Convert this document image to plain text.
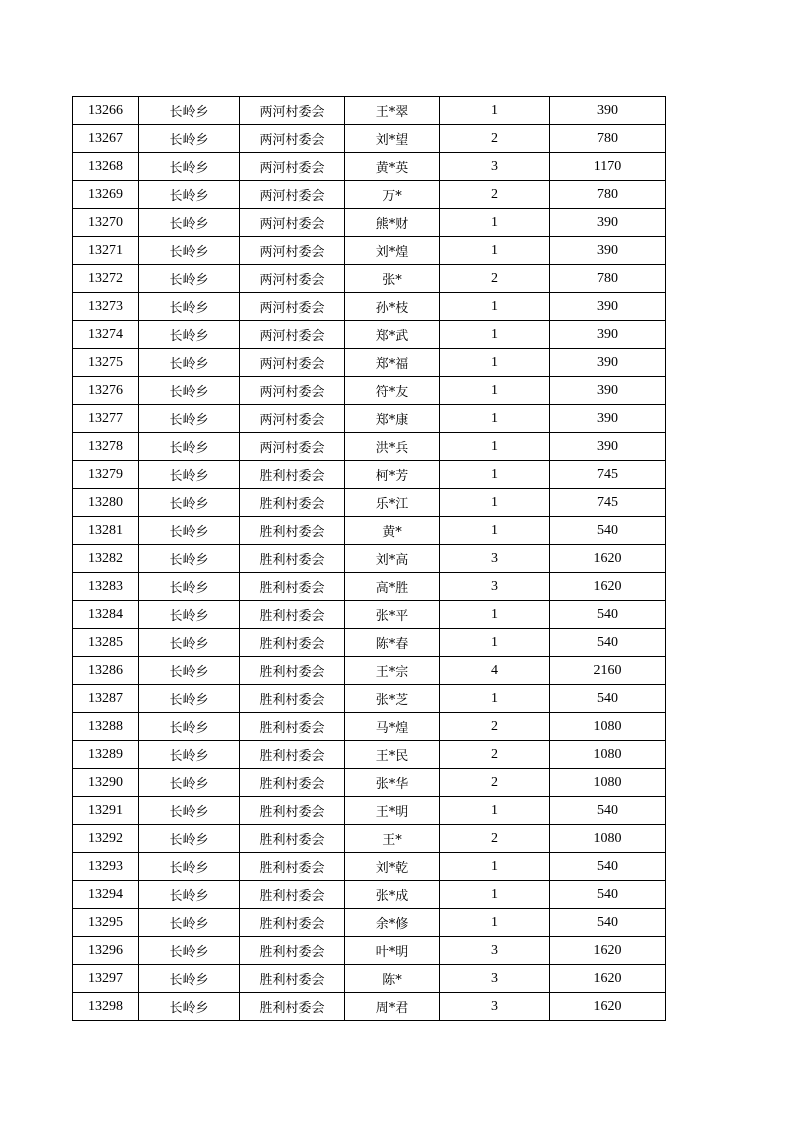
13266	长岭乡	两河村委会	王*翠	1	390
13267	长岭乡	两河村委会	刘*望	2	780
13268	长岭乡	两河村委会	黄*英	3	1170
13269	长岭乡	两河村委会	万*	2	780
13270	长岭乡	两河村委会	熊*财	1	390
13271	长岭乡	两河村委会	刘*煌	1	390
13272	长岭乡	两河村委会	张*	2	780
13273	长岭乡	两河村委会	孙*枝	1	390
13274	长岭乡	两河村委会	郑*武	1	390
13275	长岭乡	两河村委会	郑*福	1	390
13276	长岭乡	两河村委会	符*友	1	390
13277	长岭乡	两河村委会	郑*康	1	390
13278	长岭乡	两河村委会	洪*兵	1	390
13279	长岭乡	胜利村委会	柯*芳	1	745
13280	长岭乡	胜利村委会	乐*江	1	745
13281	长岭乡	胜利村委会	黄*	1	540
13282	长岭乡	胜利村委会	刘*高	3	1620
13283	长岭乡	胜利村委会	高*胜	3	1620
13284	长岭乡	胜利村委会	张*平	1	540
13285	长岭乡	胜利村委会	陈*春	1	540
13286	长岭乡	胜利村委会	王*宗	4	2160
13287	长岭乡	胜利村委会	张*芝	1	540
13288	长岭乡	胜利村委会	马*煌	2	1080
13289	长岭乡	胜利村委会	王*民	2	1080
13290	长岭乡	胜利村委会	张*华	2	1080
13291	长岭乡	胜利村委会	王*明	1	540
13292	长岭乡	胜利村委会	王*	2	1080
13293	长岭乡	胜利村委会	刘*乾	1	540
13294	长岭乡	胜利村委会	张*成	1	540
13295	长岭乡	胜利村委会	余*修	1	540
13296	长岭乡	胜利村委会	叶*明	3	1620
13297	长岭乡	胜利村委会	陈*	3	1620
13298	长岭乡	胜利村委会	周*君	3	1620
